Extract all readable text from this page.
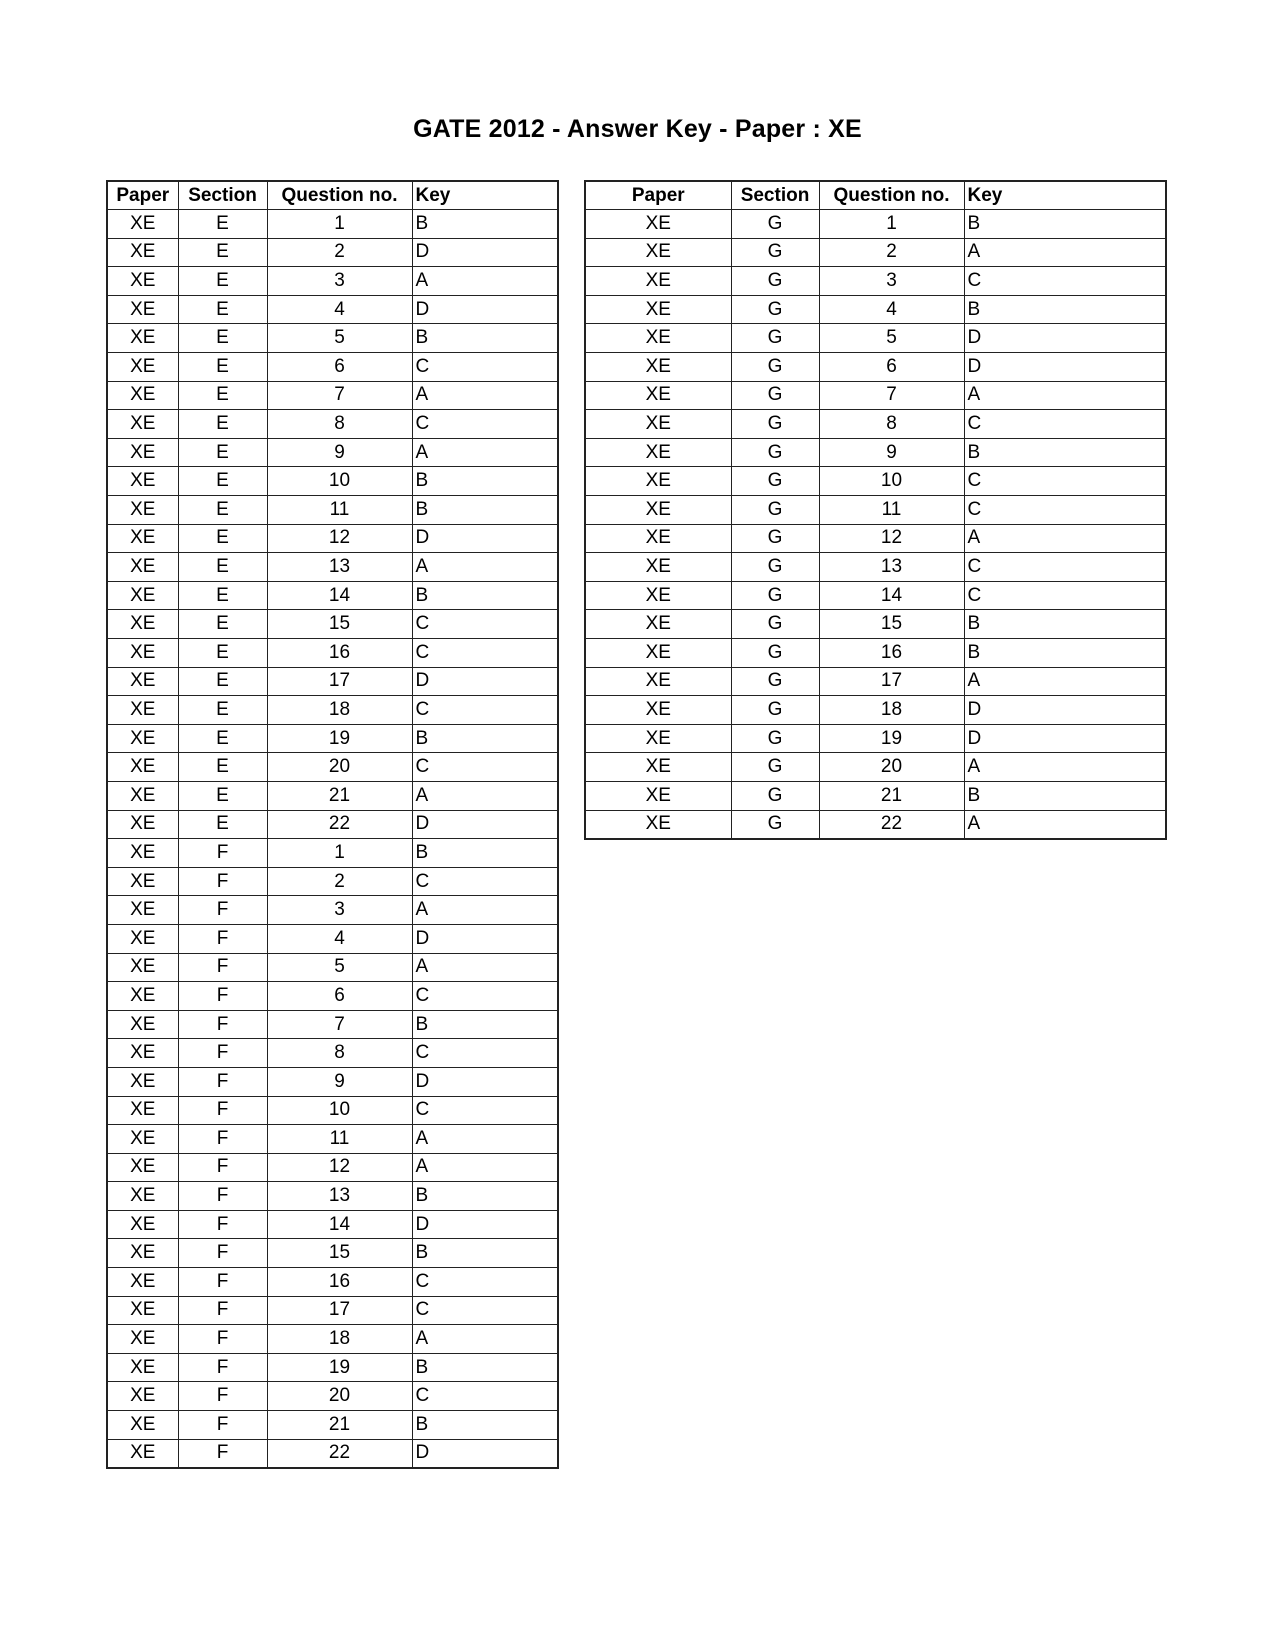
GATE 2012 - Answer Key - Paper : XE
Paper	Section	Question no.	Key
XE	E	1	B
XE	E	2	D
XE	E	3	A
XE	E	4	D
XE	E	5	B
XE	E	6	C
XE	E	7	A
XE	E	8	C
XE	E	9	A
XE	E	10	B
XE	E	11	B
XE	E	12	D
XE	E	13	A
XE	E	14	B
XE	E	15	C
XE	E	16	C
XE	E	17	D
XE	E	18	C
XE	E	19	B
XE	E	20	C
XE	E	21	A
XE	E	22	D
XE	F	1	B
XE	F	2	C
XE	F	3	A
XE	F	4	D
XE	F	5	A
XE	F	6	C
XE	F	7	B
XE	F	8	C
XE	F	9	D
XE	F	10	C
XE	F	11	A
XE	F	12	A
XE	F	13	B
XE	F	14	D
XE	F	15	B
XE	F	16	C
XE	F	17	C
XE	F	18	A
XE	F	19	B
XE	F	20	C
XE	F	21	B
XE	F	22	D
Paper	Section	Question no.	Key
XE	G	1	B
XE	G	2	A
XE	G	3	C
XE	G	4	B
XE	G	5	D
XE	G	6	D
XE	G	7	A
XE	G	8	C
XE	G	9	B
XE	G	10	C
XE	G	11	C
XE	G	12	A
XE	G	13	C
XE	G	14	C
XE	G	15	B
XE	G	16	B
XE	G	17	A
XE	G	18	D
XE	G	19	D
XE	G	20	A
XE	G	21	B
XE	G	22	A
